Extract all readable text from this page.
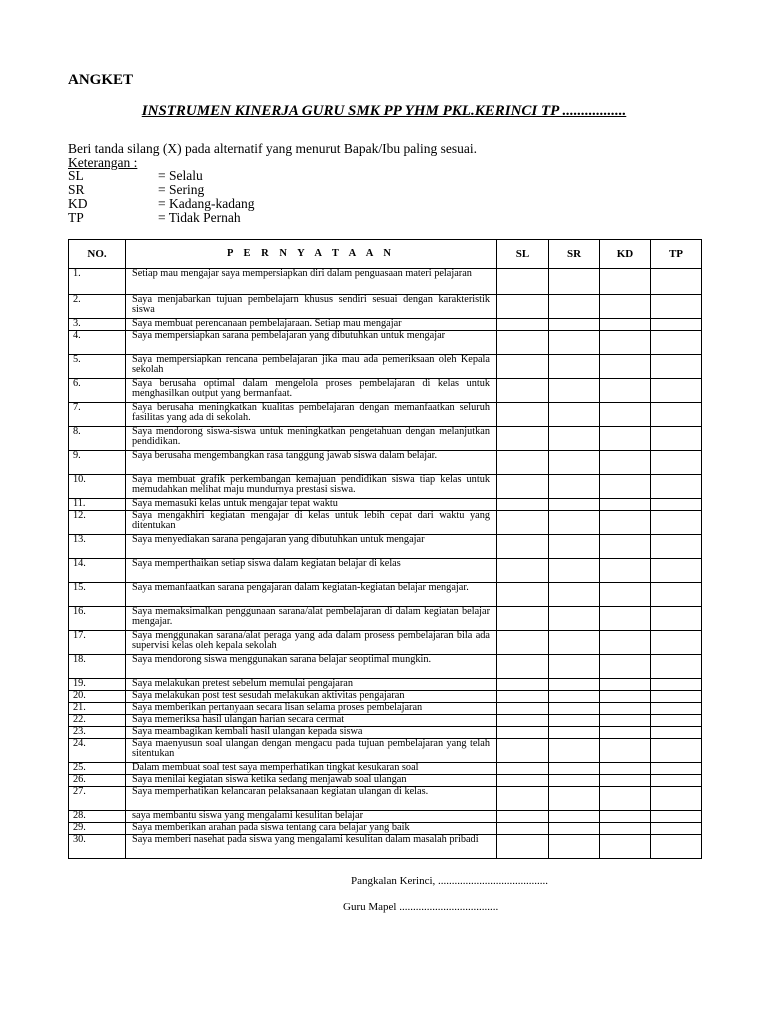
ANGKET
INSTRUMEN KINERJA GURU SMK PP YHM PKL.KERINCI TP .................
Beri tanda silang (X) pada alternatif yang menurut Bapak/Ibu paling sesuai.
Keterangan :
SL	= Selalu
SR	= Sering
KD	= Kadang-kadang
TP	= Tidak Pernah
NO.	P E R N Y A T A A N	SL	SR	KD	TP
1.	Setiap mau mengajar saya mempersiapkan diri dalam penguasaan materi pelajaran				
2.	Saya menjabarkan tujuan pembelajarn khusus sendiri sesuai dengan karakteristik siswa				
3.	Saya membuat perencanaan pembelajaraan. Setiap mau mengajar				
4.	Saya mempersiapkan sarana pembelajaran yang dibutuhkan untuk mengajar				
5.	Saya mempersiapkan rencana pembelajaran jika mau ada pemeriksaan oleh Kepala sekolah				
6.	Saya berusaha optimal dalam mengelola proses pembelajaran di kelas untuk menghasilkan output yang bermanfaat.				
7.	Saya berusaha meningkatkan kualitas pembelajaran dengan memanfaatkan seluruh fasilitas yang ada di sekolah.				
8.	Saya mendorong siswa-siswa untuk meningkatkan pengetahuan dengan melanjutkan pendidikan.				
9.	Saya berusaha mengembangkan rasa tanggung jawab siswa dalam belajar.				
10.	Saya membuat grafik perkembangan kemajuan pendidikan siswa tiap kelas untuk memudahkan melihat maju mundurnya prestasi siswa.				
11.	Saya memasuki kelas untuk mengajar tepat waktu				
12.	Saya mengakhiri kegiatan mengajar di kelas untuk lebih cepat dari waktu yang ditentukan				
13.	Saya menyediakan sarana pengajaran yang dibutuhkan untuk mengajar				
14.	Saya memperthaikan setiap siswa dalam kegiatan belajar di kelas				
15.	Saya memanfaatkan sarana pengajaran dalam kegiatan-kegiatan belajar mengajar.				
16.	Saya memaksimalkan penggunaan sarana/alat pembelajaran di dalam kegiatan belajar mengajar.				
17.	Saya menggunakan sarana/alat peraga yang ada dalam prosess pembelajaran bila ada supervisi kelas oleh kepala sekolah				
18.	Saya mendorong siswa menggunakan sarana belajar seoptimal mungkin.				
19.	Saya melakukan pretest sebelum memulai pengajaran				
20.	Saya melakukan post test sesudah melakukan aktivitas pengajaran				
21.	Saya memberikan pertanyaan secara lisan selama proses pembelajaran				
22.	Saya memeriksa hasil ulangan harian secara cermat				
23.	Saya meambagikan kembali hasil ulangan kepada siswa				
24.	Saya maenyusun soal ulangan dengan mengacu pada tujuan pembelajaran yang telah sitentukan				
25.	Dalam membuat soal test saya memperhatikan tingkat kesukaran soal				
26.	Saya menilai kegiatan siswa ketika sedang menjawab soal ulangan				
27.	Saya memperhatikan kelancaran pelaksanaan kegiatan ulangan di kelas.				
28.	saya membantu siswa yang mengalami kesulitan belajar				
29.	Saya memberikan arahan pada siswa tentang cara belajar yang baik				
30.	Saya memberi nasehat pada siswa yang mengalami kesulitan dalam masalah pribadi				
Pangkalan Kerinci, ........................................
Guru Mapel ....................................
